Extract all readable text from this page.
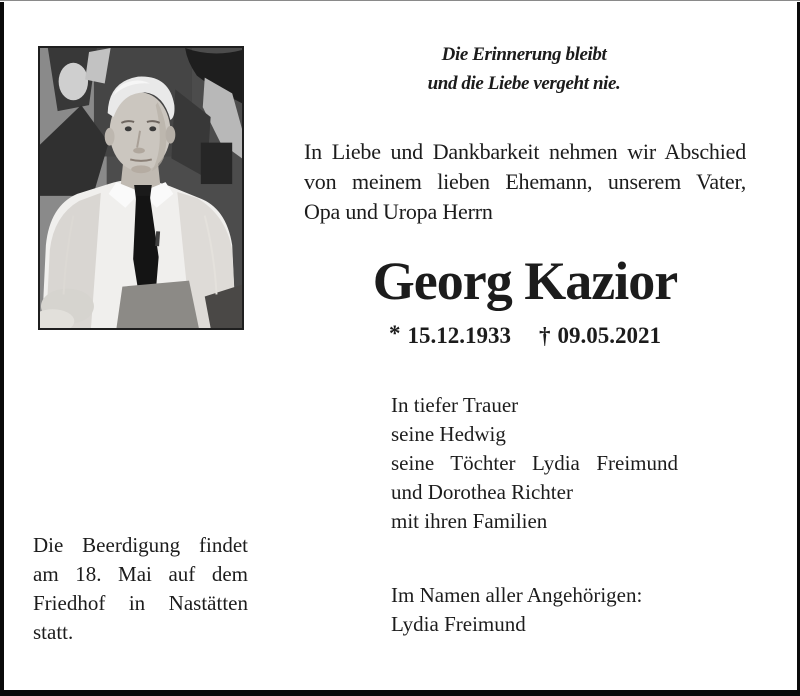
Die Erinnerung bleibt
und die Liebe vergeht nie.
In Liebe und Dankbarkeit nehmen wir Abschied
von meinem lieben Ehemann, unserem Vater,
Opa und Uropa Herrn
Georg Kazior
* 15.12.1933 † 09.05.2021
In tiefer Trauer
seine Hedwig
seine Töchter Lydia Freimund
und Dorothea Richter
mit ihren Familien
Im Namen aller Angehörigen:
Lydia Freimund
Die Beerdigung findet
am 18. Mai auf dem
Friedhof in Nastätten
statt.
